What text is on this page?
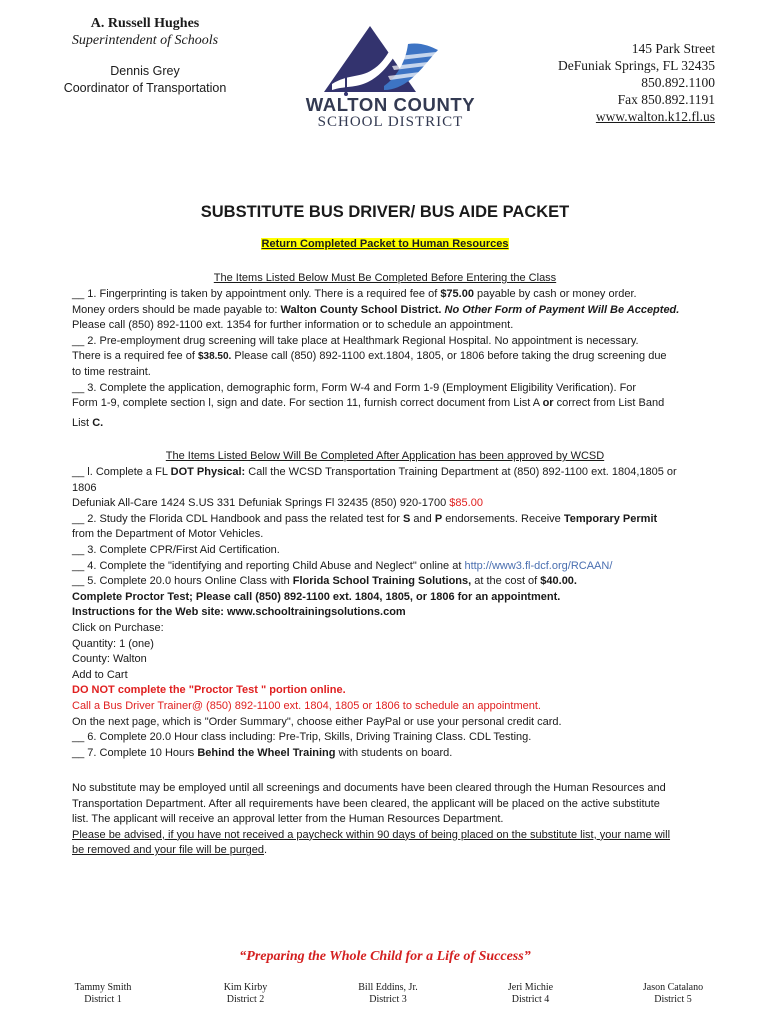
A. Russell Hughes
Superintendent of Schools
Dennis Grey
Coordinator of Transportation
WALTON COUNTY
SCHOOL DISTRICT
145 Park Street
DeFuniak Springs, FL 32435
850.892.1100
Fax 850.892.1191
www.walton.k12.fl.us
SUBSTITUTE BUS DRIVER/ BUS AIDE PACKET
Return Completed Packet to Human Resources
The Items Listed Below Must Be Completed Before Entering the Class
__ 1. Fingerprinting is taken by appointment only. There is a required fee of $75.00 payable by cash or money order.
Money orders should be made payable to: Walton County School District. No Other Form of Payment Will Be Accepted.
Please call (850) 892-1100 ext. 1354 for further information or to schedule an appointment.
__ 2. Pre-employment drug screening will take place at Healthmark Regional Hospital. No appointment is necessary.
There is a required fee of $38.50. Please call (850) 892-1100 ext.1804, 1805, or 1806 before taking the drug screening due
to time restraint.
__ 3. Complete the application, demographic form, Form W-4 and Form 1-9 (Employment Eligibility Verification). For
Form 1-9, complete section l, sign and date. For section 11, furnish correct document from List A or correct from List Band
List C.
The Items Listed Below Will Be Completed After Application has been approved by WCSD
__ l. Complete a FL DOT Physical: Call the WCSD Transportation Training Department at (850) 892-1100 ext. 1804,1805 or
1806
Defuniak All-Care 1424 S.US 331 Defuniak Springs Fl 32435 (850) 920-1700 $85.00
__ 2. Study the Florida CDL Handbook and pass the related test for S and P endorsements. Receive Temporary Permit
from the Department of Motor Vehicles.
__ 3. Complete CPR/First Aid Certification.
__ 4. Complete the "identifying and reporting Child Abuse and Neglect" online at http://www3.fl-dcf.org/RCAAN/
__ 5. Complete 20.0 hours Online Class with Florida School Training Solutions, at the cost of $40.00.
Complete Proctor Test; Please call (850) 892-1100 ext. 1804, 1805, or 1806 for an appointment.
Instructions for the Web site: www.schooltrainingsolutions.com
Click on Purchase:
Quantity: 1 (one)
County: Walton
Add to Cart
DO NOT complete the "Proctor Test " portion online.
Call a Bus Driver Trainer@ (850) 892-1100 ext. 1804, 1805 or 1806 to schedule an appointment.
On the next page, which is "Order Summary", choose either PayPal or use your personal credit card.
__ 6. Complete 20.0 Hour class including: Pre-Trip, Skills, Driving Training Class. CDL Testing.
__ 7. Complete 10 Hours Behind the Wheel Training with students on board.
No substitute may be employed until all screenings and documents have been cleared through the Human Resources and
Transportation Department. After all requirements have been cleared, the applicant will be placed on the active substitute
list. The applicant will receive an approval letter from the Human Resources Department.
Please be advised, if you have not received a paycheck within 90 days of being placed on the substitute list, your name will
be removed and your file will be purged.
“Preparing the Whole Child for a Life of Success”
Tammy Smith
District 1
Kim Kirby
District 2
Bill Eddins, Jr.
District 3
Jeri Michie
District 4
Jason Catalano
District 5
